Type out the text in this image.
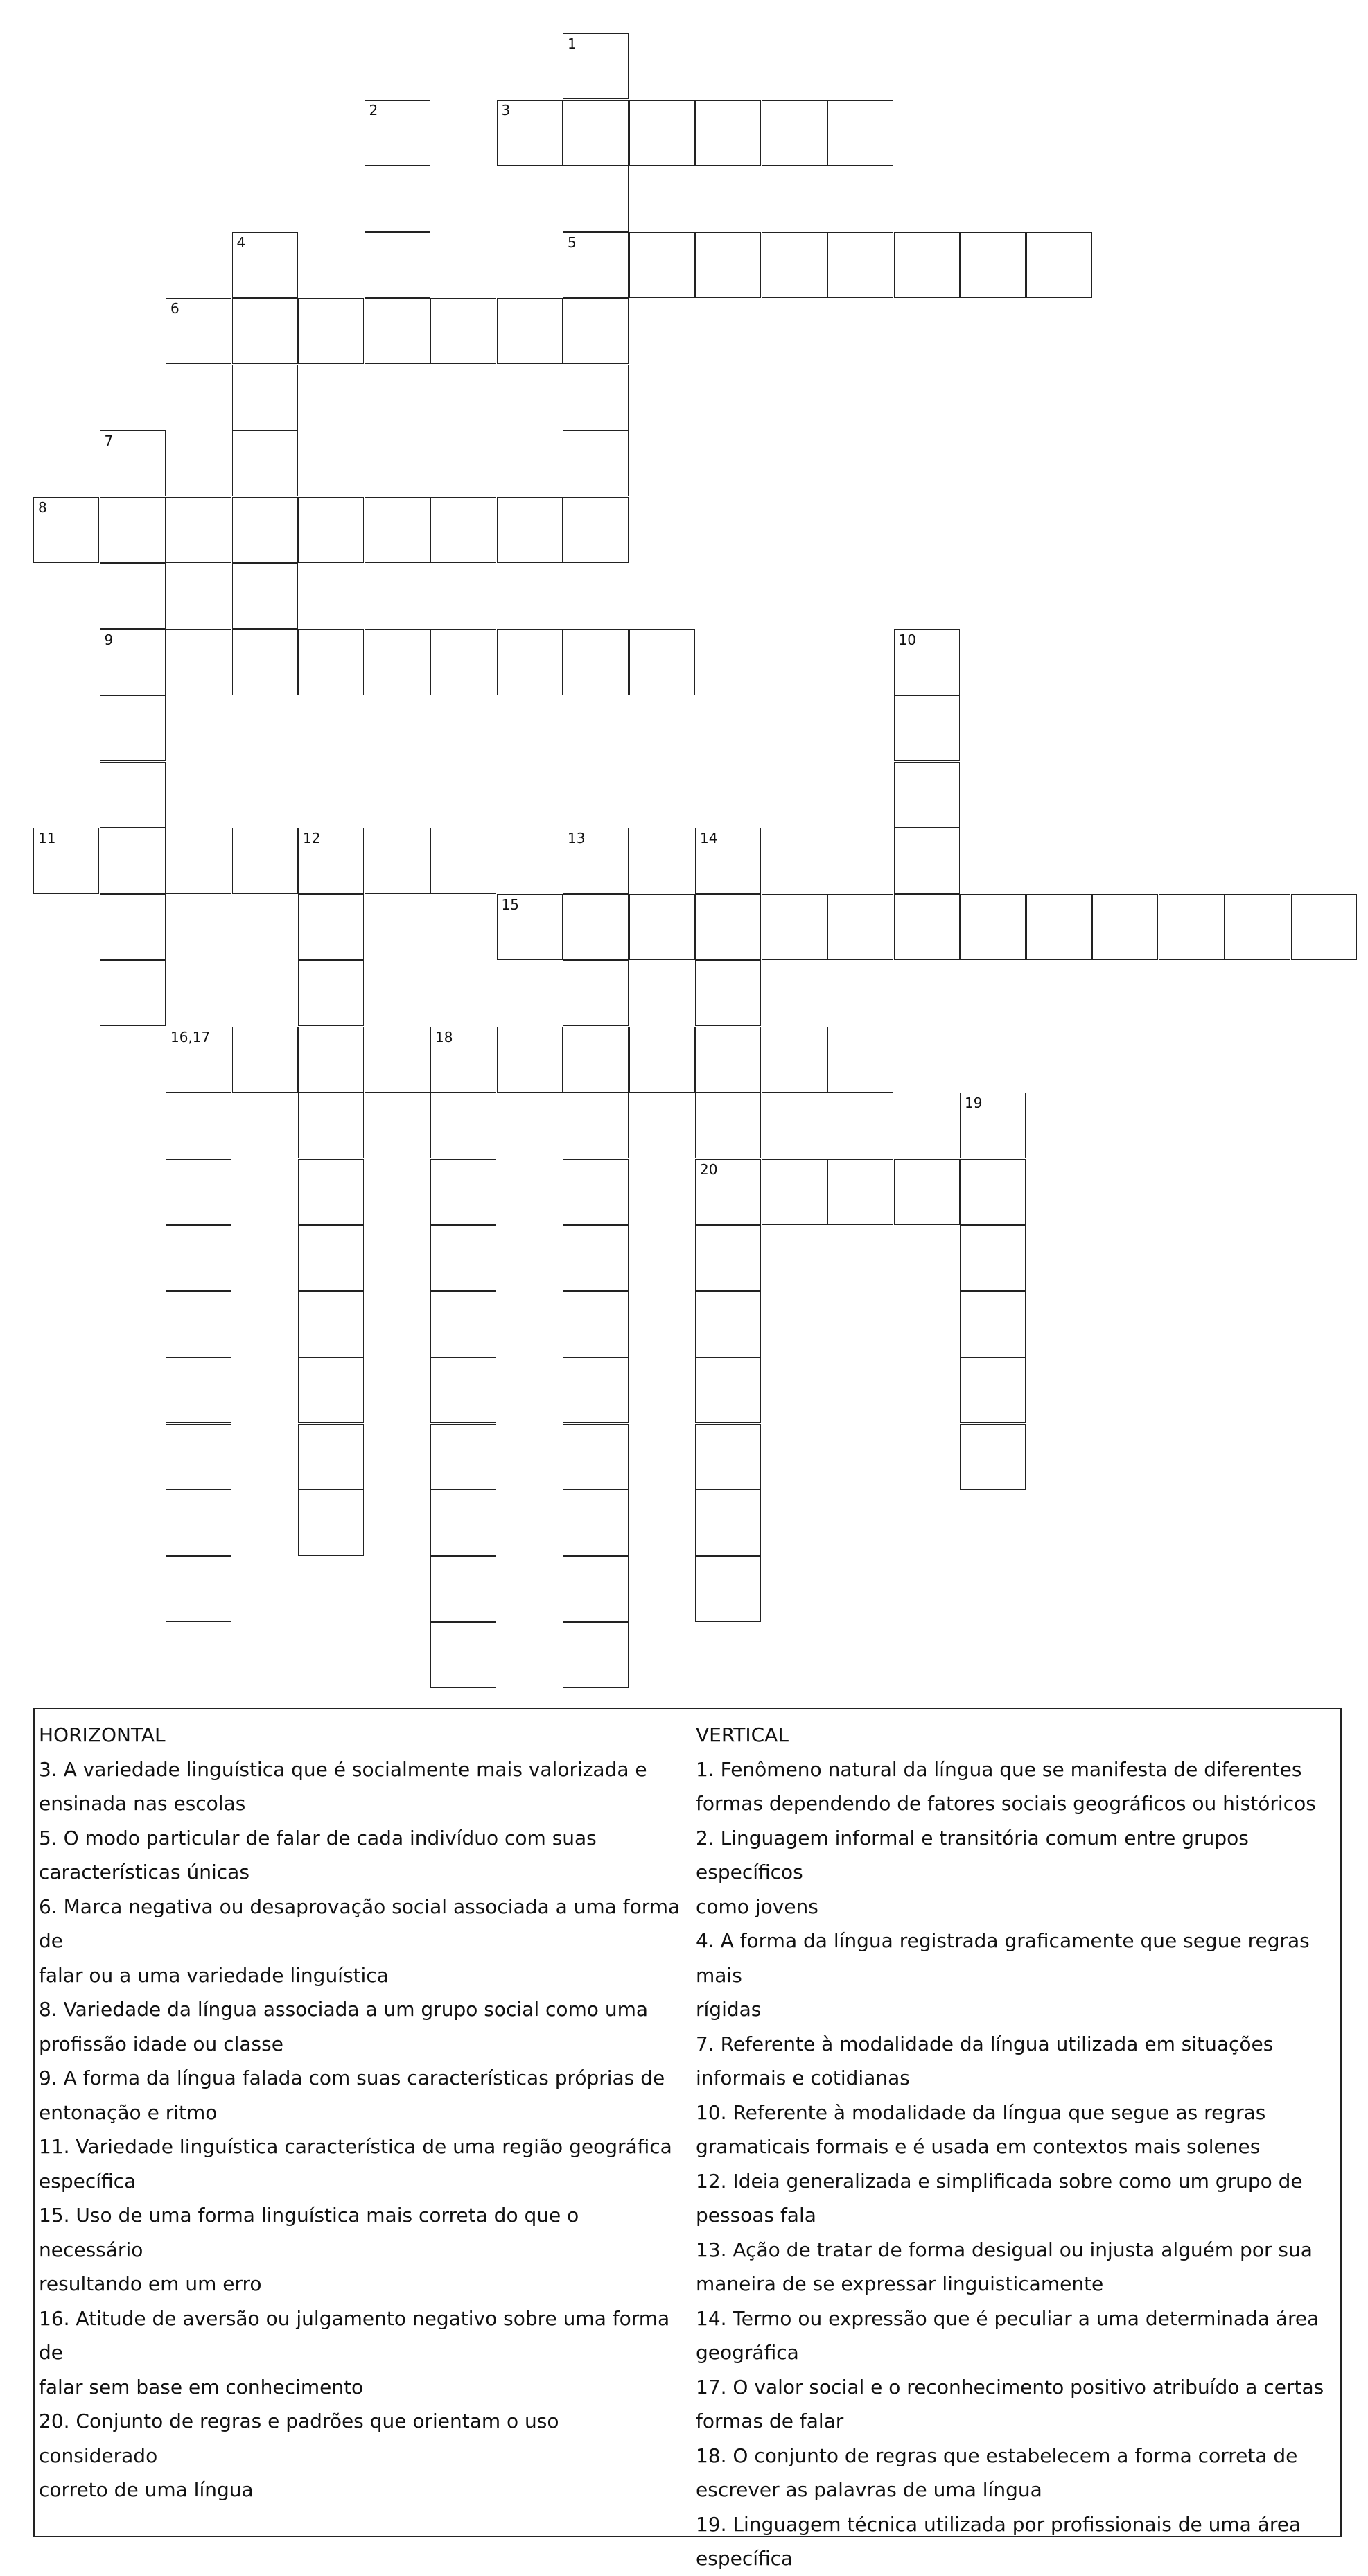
1
5
2	3
4
6
7
9
8
10
11	12	13	14
20
15
16,17	18
19
HORIZONTAL
3. A variedade linguística que é socialmente mais valorizada e
ensinada nas escolas
5. O modo particular de falar de cada indivíduo com suas
características únicas
6. Marca negativa ou desaprovação social associada a uma forma de
falar ou a uma variedade linguística
8. Variedade da língua associada a um grupo social como uma
profissão idade ou classe
9. A forma da língua falada com suas características próprias de
entonação e ritmo
11. Variedade linguística característica de uma região geográfica
específica
15. Uso de uma forma linguística mais correta do que o necessário
resultando em um erro
16. Atitude de aversão ou julgamento negativo sobre uma forma de
falar sem base em conhecimento
20. Conjunto de regras e padrões que orientam o uso considerado
correto de uma língua
VERTICAL
1. Fenômeno natural da língua que se manifesta de diferentes
formas dependendo de fatores sociais geográficos ou históricos
2. Linguagem informal e transitória comum entre grupos específicos
como jovens
4. A forma da língua registrada graficamente que segue regras mais
rígidas
7. Referente à modalidade da língua utilizada em situações
informais e cotidianas
10. Referente à modalidade da língua que segue as regras
gramaticais formais e é usada em contextos mais solenes
12. Ideia generalizada e simplificada sobre como um grupo de
pessoas fala
13. Ação de tratar de forma desigual ou injusta alguém por sua
maneira de se expressar linguisticamente
14. Termo ou expressão que é peculiar a uma determinada área
geográfica
17. O valor social e o reconhecimento positivo atribuído a certas
formas de falar
18. O conjunto de regras que estabelecem a forma correta de
escrever as palavras de uma língua
19. Linguagem técnica utilizada por profissionais de uma área
específica
